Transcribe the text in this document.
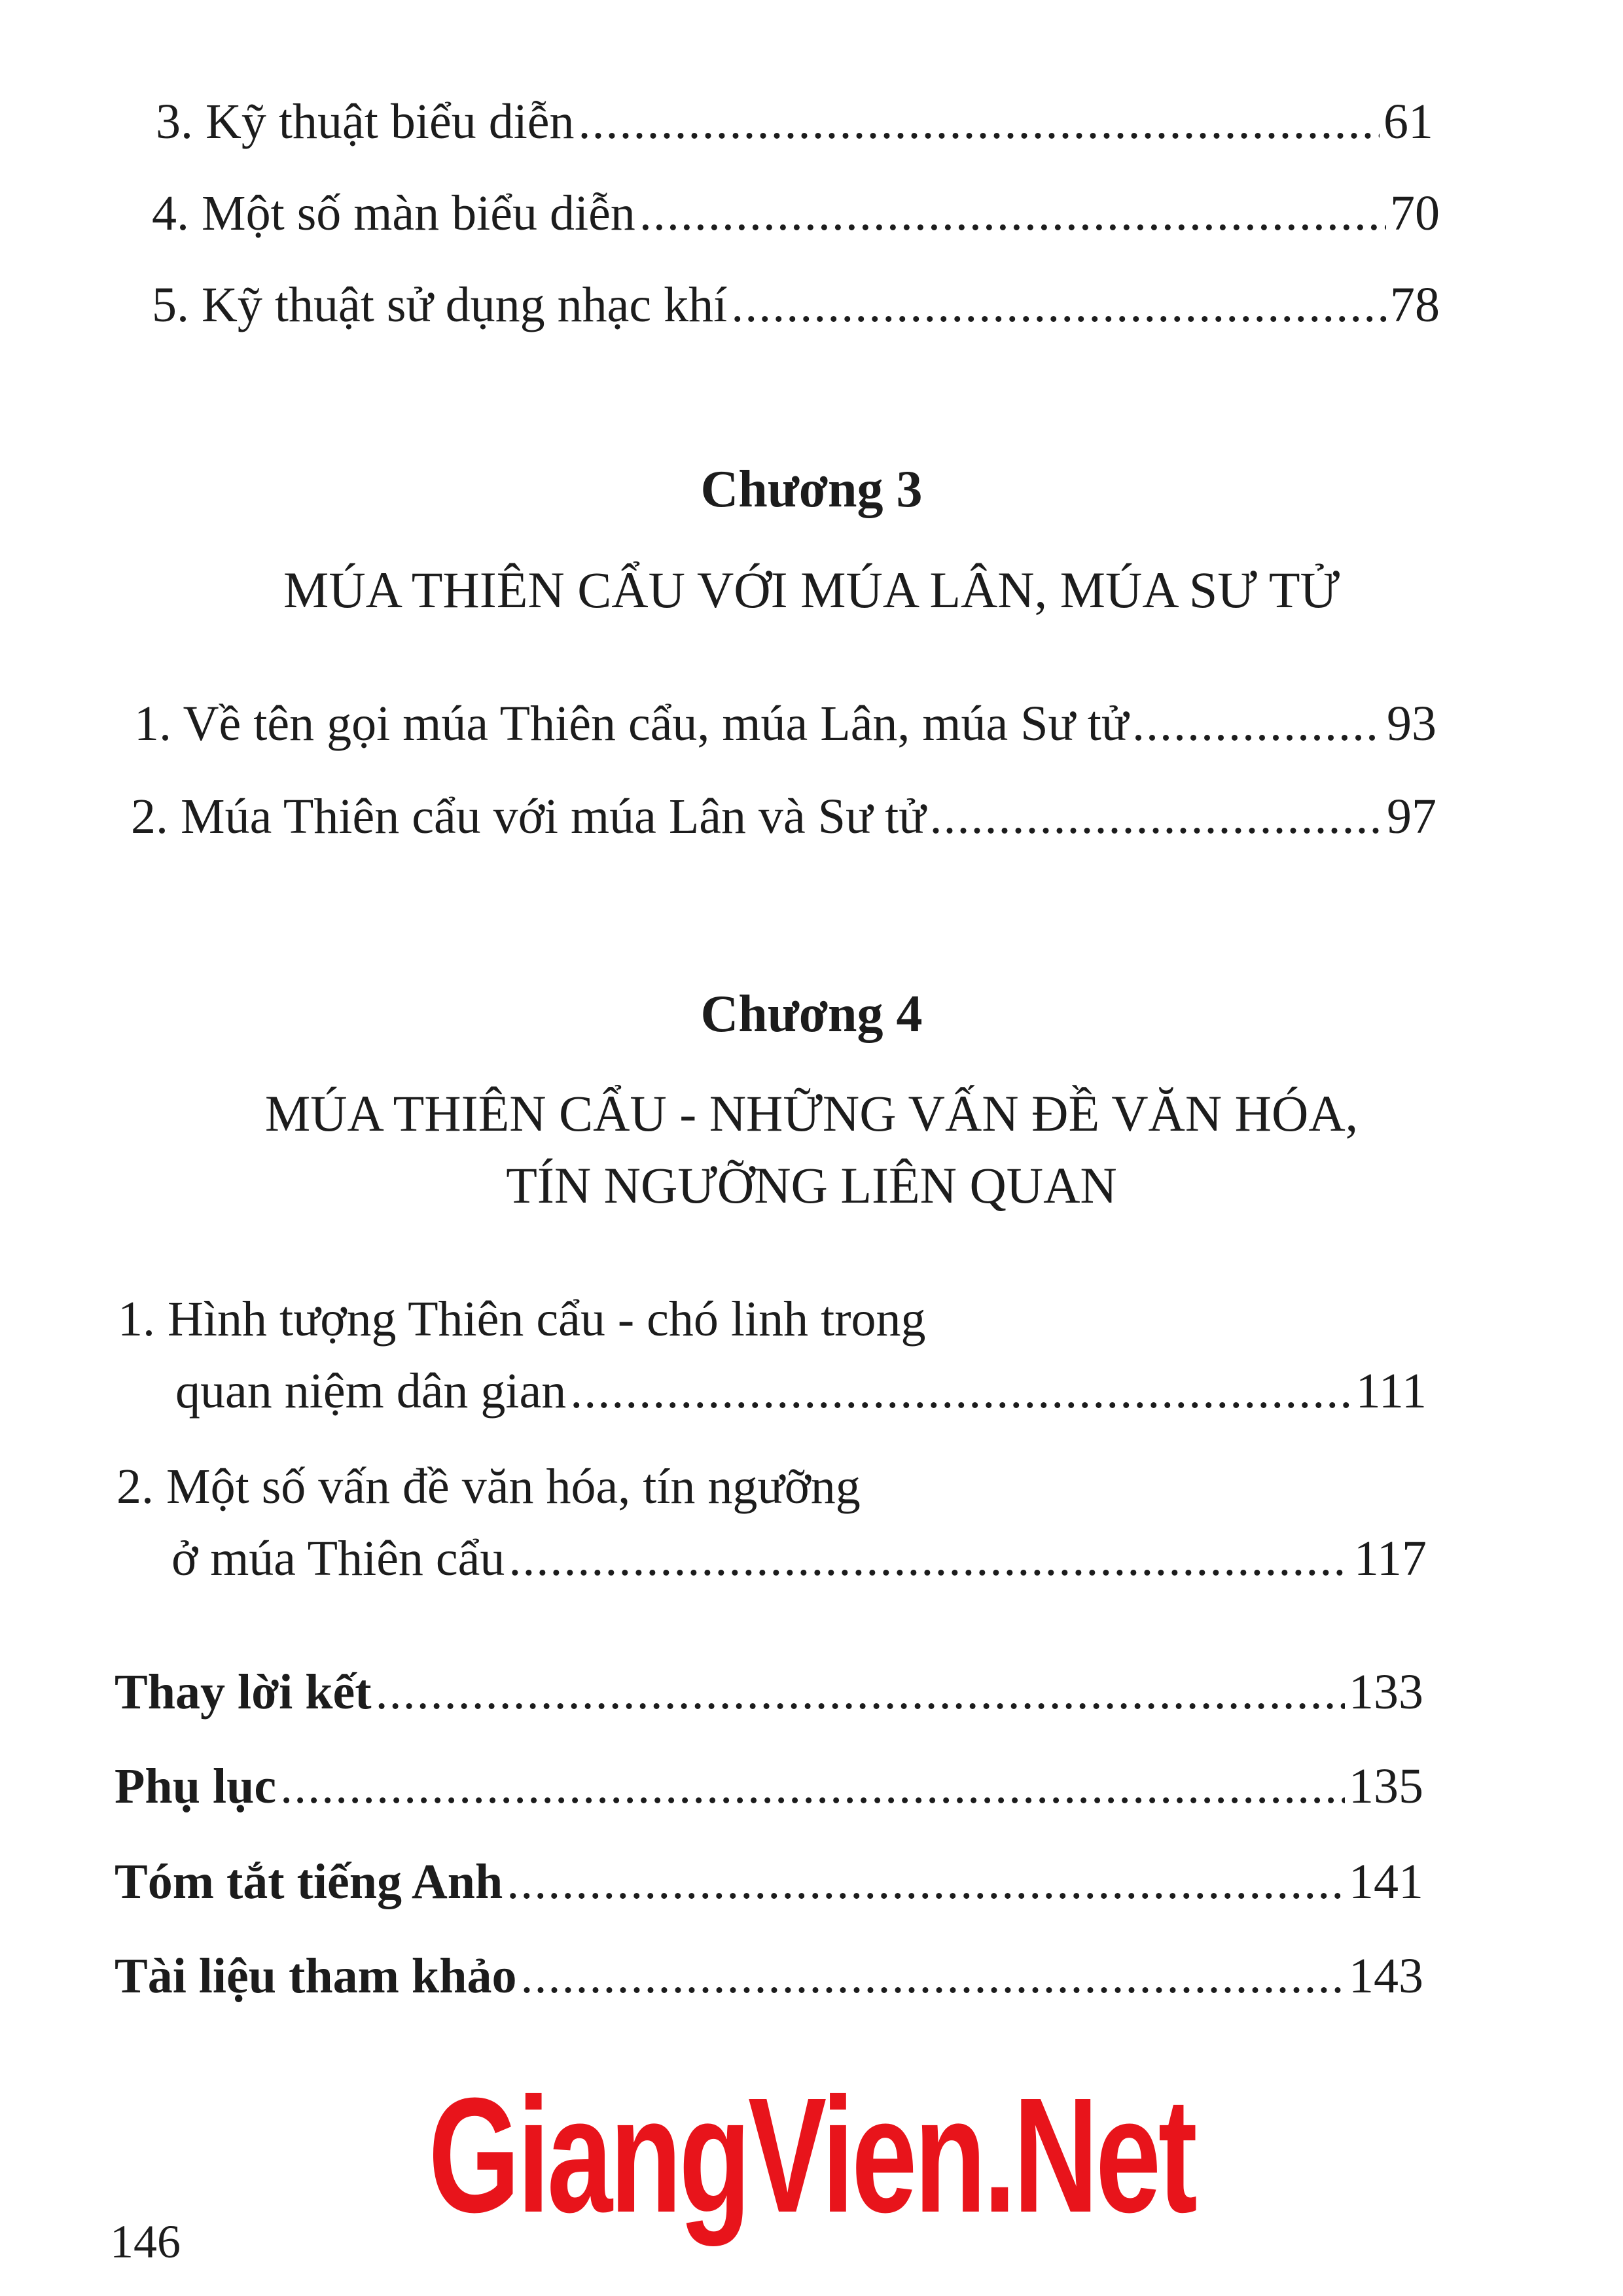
3. Kỹ thuật biểu diễn .....	61
4. Một số màn biểu diễn .....	70
5. Kỹ thuật sử dụng nhạc khí .....	78
Chương 3
MÚA THIÊN CẨU VỚI MÚA LÂN, MÚA SƯ TỬ
1. Về tên gọi múa Thiên cẩu, múa Lân, múa Sư tử .....	93
2. Múa Thiên cẩu với múa Lân và Sư tử .....	97
Chương 4
MÚA THIÊN CẨU - NHỮNG VẤN ĐỀ VĂN HÓA,
TÍN NGƯỠNG LIÊN QUAN
1. Hình tượng Thiên cẩu - chó linh trong
quan niệm dân gian .....	111
2. Một số vấn đề văn hóa, tín ngưỡng
ở múa Thiên cẩu .....	117
Thay lời kết .....	133
Phụ lục .....	135
Tóm tắt tiếng Anh .....	141
Tài liệu tham khảo .....	143
GiangVien.Net
146
